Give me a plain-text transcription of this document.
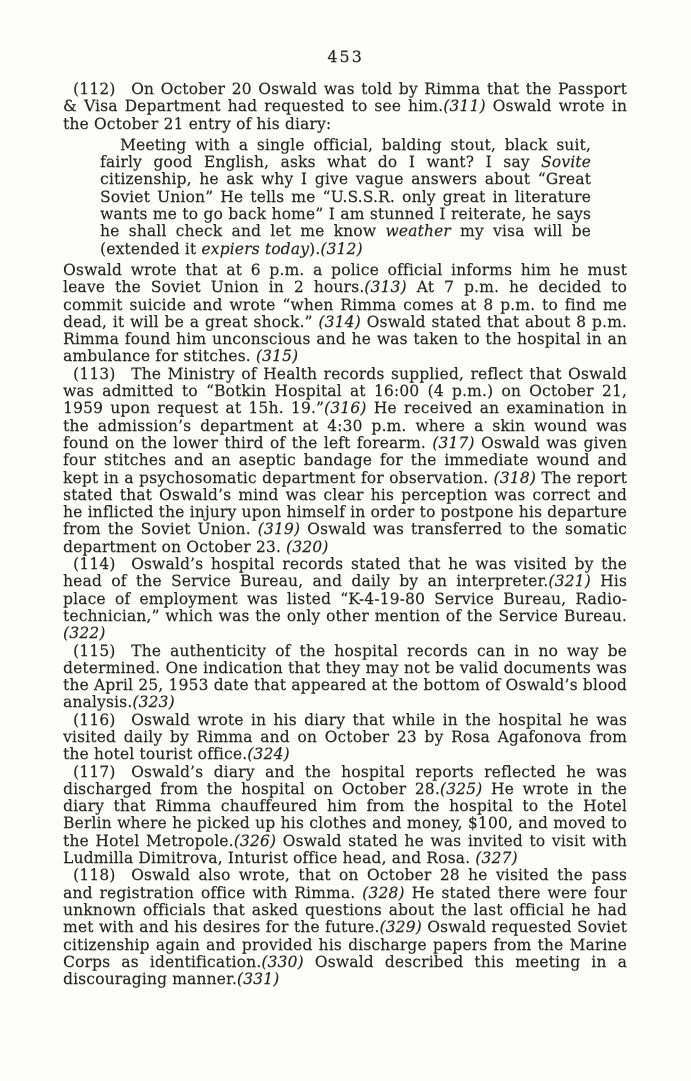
453

(112) On October 20 Oswald was told by Rimma that the Passport & Visa Department had requested to see him.(311) Oswald wrote in the October 21 entry of his diary:

Meeting with a single official, balding stout, black suit, fairly good English, asks what do I want? I say Sovite citizenship, he ask why I give vague answers about “Great Soviet Union” He tells me “U.S.S.R. only great in literature wants me to go back home” I am stunned I reiterate, he says he shall check and let me know weather my visa will be (extended it expiers today).(312)

Oswald wrote that at 6 p.m. a police official informs him he must leave the Soviet Union in 2 hours.(313) At 7 p.m. he decided to commit suicide and wrote “when Rimma comes at 8 p.m. to find me dead, it will be a great shock.” (314) Oswald stated that about 8 p.m. Rimma found him unconscious and he was taken to the hospital in an ambulance for stitches. (315)

(113) The Ministry of Health records supplied, reflect that Oswald was admitted to “Botkin Hospital at 16:00 (4 p.m.) on October 21, 1959 upon request at 15h. 19.”(316) He received an examination in the admission’s department at 4:30 p.m. where a skin wound was found on the lower third of the left forearm. (317) Oswald was given four stitches and an aseptic bandage for the immediate wound and kept in a psychosomatic department for observation. (318) The report stated that Oswald’s mind was clear his perception was correct and he inflicted the injury upon himself in order to postpone his departure from the Soviet Union. (319) Oswald was transferred to the somatic department on October 23. (320)

(114) Oswald’s hospital records stated that he was visited by the head of the Service Bureau, and daily by an interpreter.(321) His place of employment was listed “K-4-19-80 Service Bureau, Radio-technician,” which was the only other mention of the Service Bureau.(322)

(115) The authenticity of the hospital records can in no way be determined. One indication that they may not be valid documents was the April 25, 1953 date that appeared at the bottom of Oswald’s blood analysis.(323)

(116) Oswald wrote in his diary that while in the hospital he was visited daily by Rimma and on October 23 by Rosa Agafonova from the hotel tourist office.(324)

(117) Oswald’s diary and the hospital reports reflected he was discharged from the hospital on October 28.(325) He wrote in the diary that Rimma chauffeured him from the hospital to the Hotel Berlin where he picked up his clothes and money, $100, and moved to the Hotel Metropole.(326) Oswald stated he was invited to visit with Ludmilla Dimitrova, Inturist office head, and Rosa. (327)

(118) Oswald also wrote, that on October 28 he visited the pass and registration office with Rimma. (328) He stated there were four unknown officials that asked questions about the last official he had met with and his desires for the future.(329) Oswald requested Soviet citizenship again and provided his discharge papers from the Marine Corps as identification.(330) Oswald described this meeting in a discouraging manner.(331)
